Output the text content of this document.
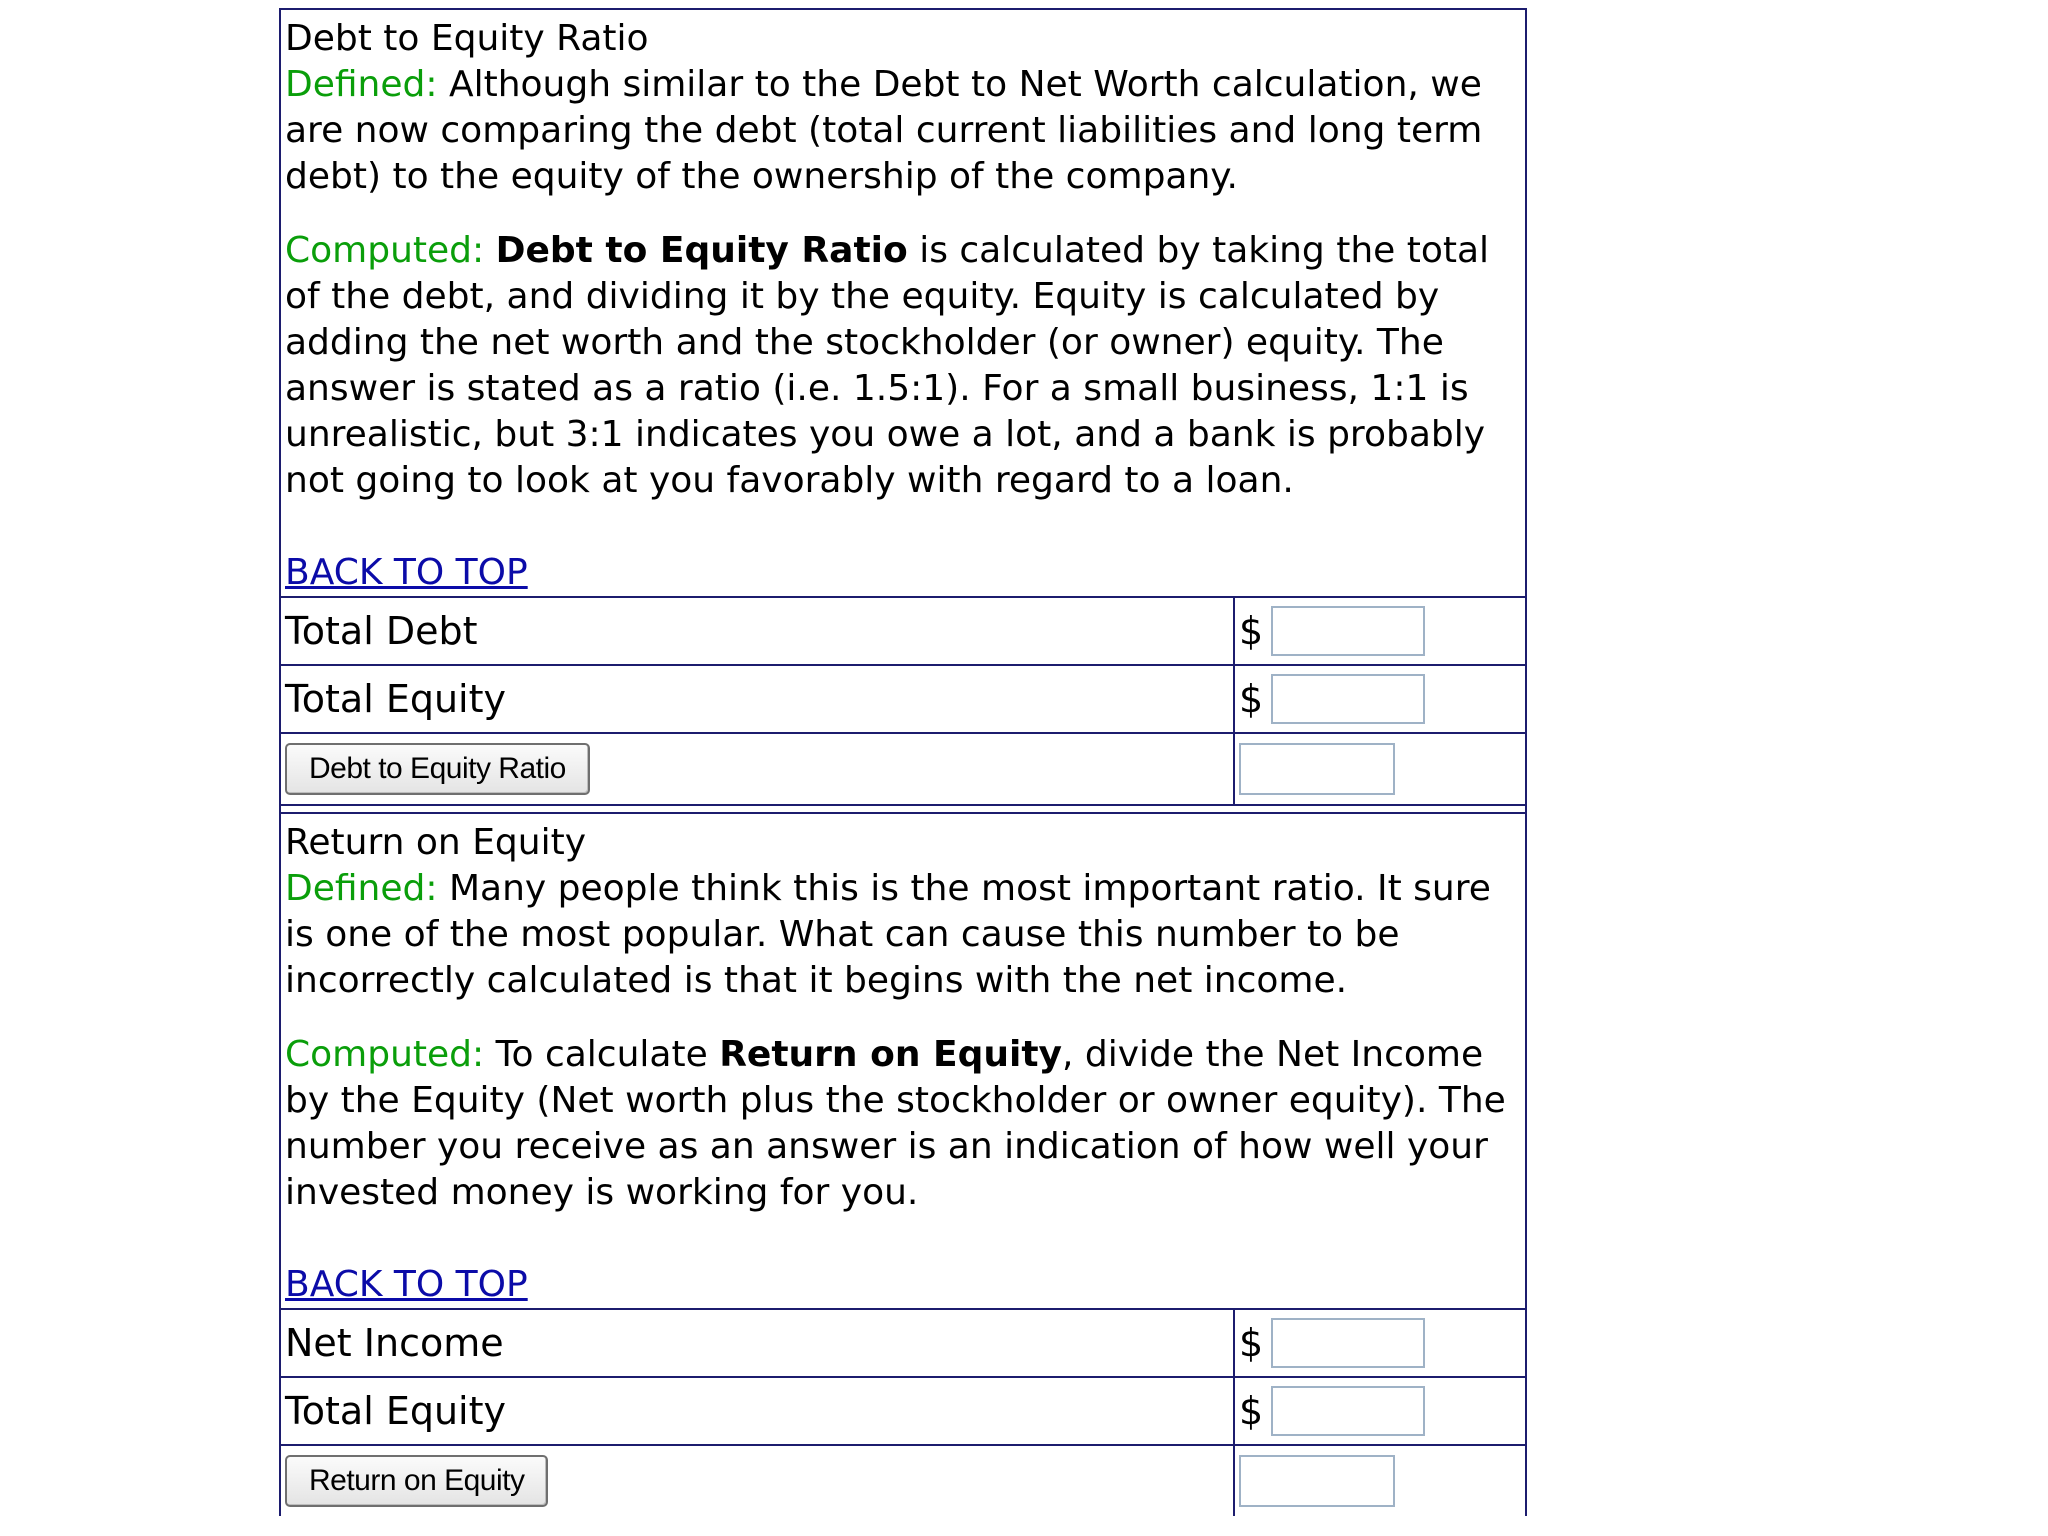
Debt to Equity Ratio

Defined: Although similar to the Debt to Net Worth calculation, we are now comparing the debt (total current liabilities and long term debt) to the equity of the ownership of the company.

Computed: Debt to Equity Ratio is calculated by taking the total of the debt, and dividing it by the equity. Equity is calculated by adding the net worth and the stockholder (or owner) equity. The answer is stated as a ratio (i.e. 1.5:1). For a small business, 1:1 is unrealistic, but 3:1 indicates you owe a lot, and a bank is probably not going to look at you favorably with regard to a loan.

BACK TO TOP
Total Debt	$
Total Equity	$
Debt to Equity Ratio
Return on Equity

Defined: Many people think this is the most important ratio. It sure is one of the most popular. What can cause this number to be incorrectly calculated is that it begins with the net income.

Computed: To calculate Return on Equity, divide the Net Income by the Equity (Net worth plus the stockholder or owner equity). The number you receive as an answer is an indication of how well your invested money is working for you.

BACK TO TOP
Net Income	$
Total Equity	$
Return on Equity
